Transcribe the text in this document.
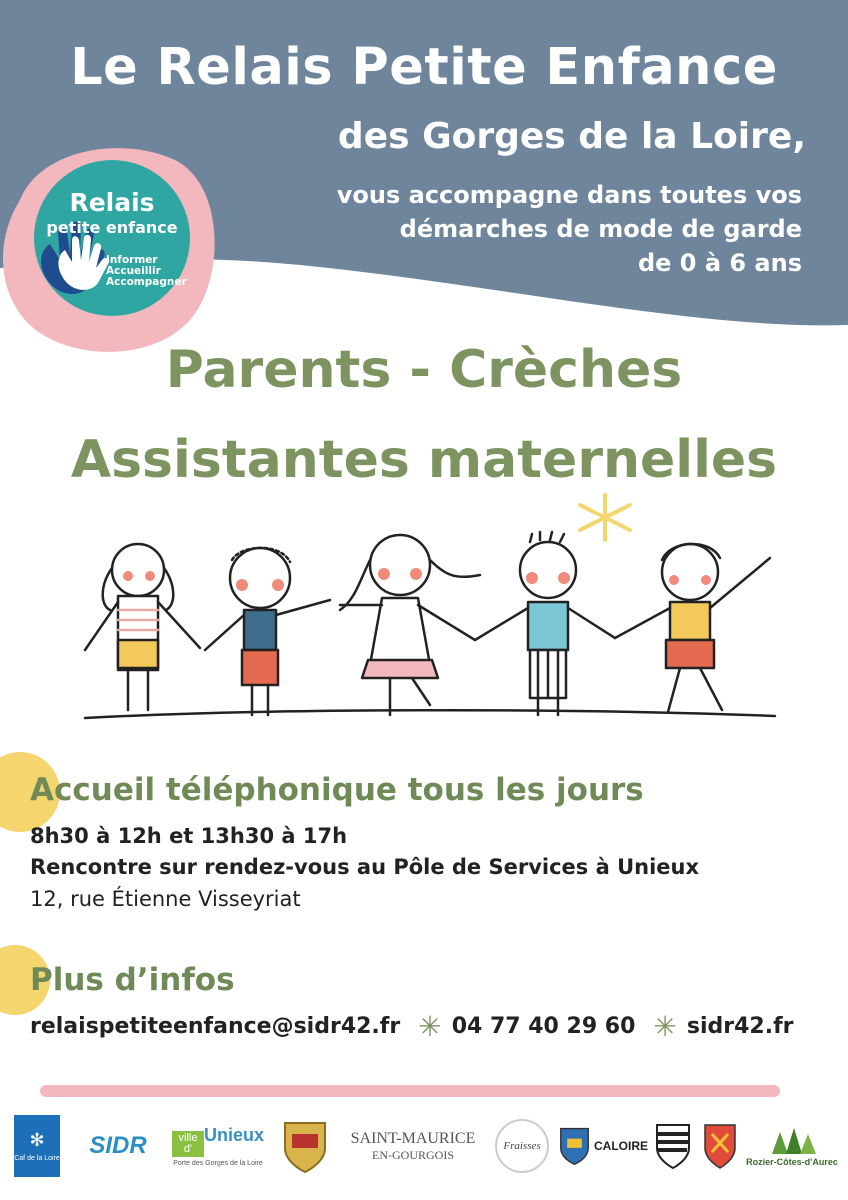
Le Relais Petite Enfance
des Gorges de la Loire,
vous accompagne dans toutes vos
démarches de mode de garde
de 0 à 6 ans
Relais
petite enfance
Informer
Accueillir
Accompagner
Parents - Crèches
Assistantes maternelles
Accueil téléphonique tous les jours
8h30 à 12h et 13h30 à 17h
Rencontre sur rendez-vous au Pôle de Services à Unieux
12, rue Étienne Visseyriat
Plus d’infos
relaispetiteenfance@sidr42.fr ✳ 04 77 40 29 60 ✳ sidr42.fr
✻
Caf de la Loire SIDR	ville d'
Unieux
Porte des Gorges de la Loire
SAINT-MAURICE
EN-GOURGOIS
Fraisses	CALOIRE
Rozier-Côtes-d'Aurec
